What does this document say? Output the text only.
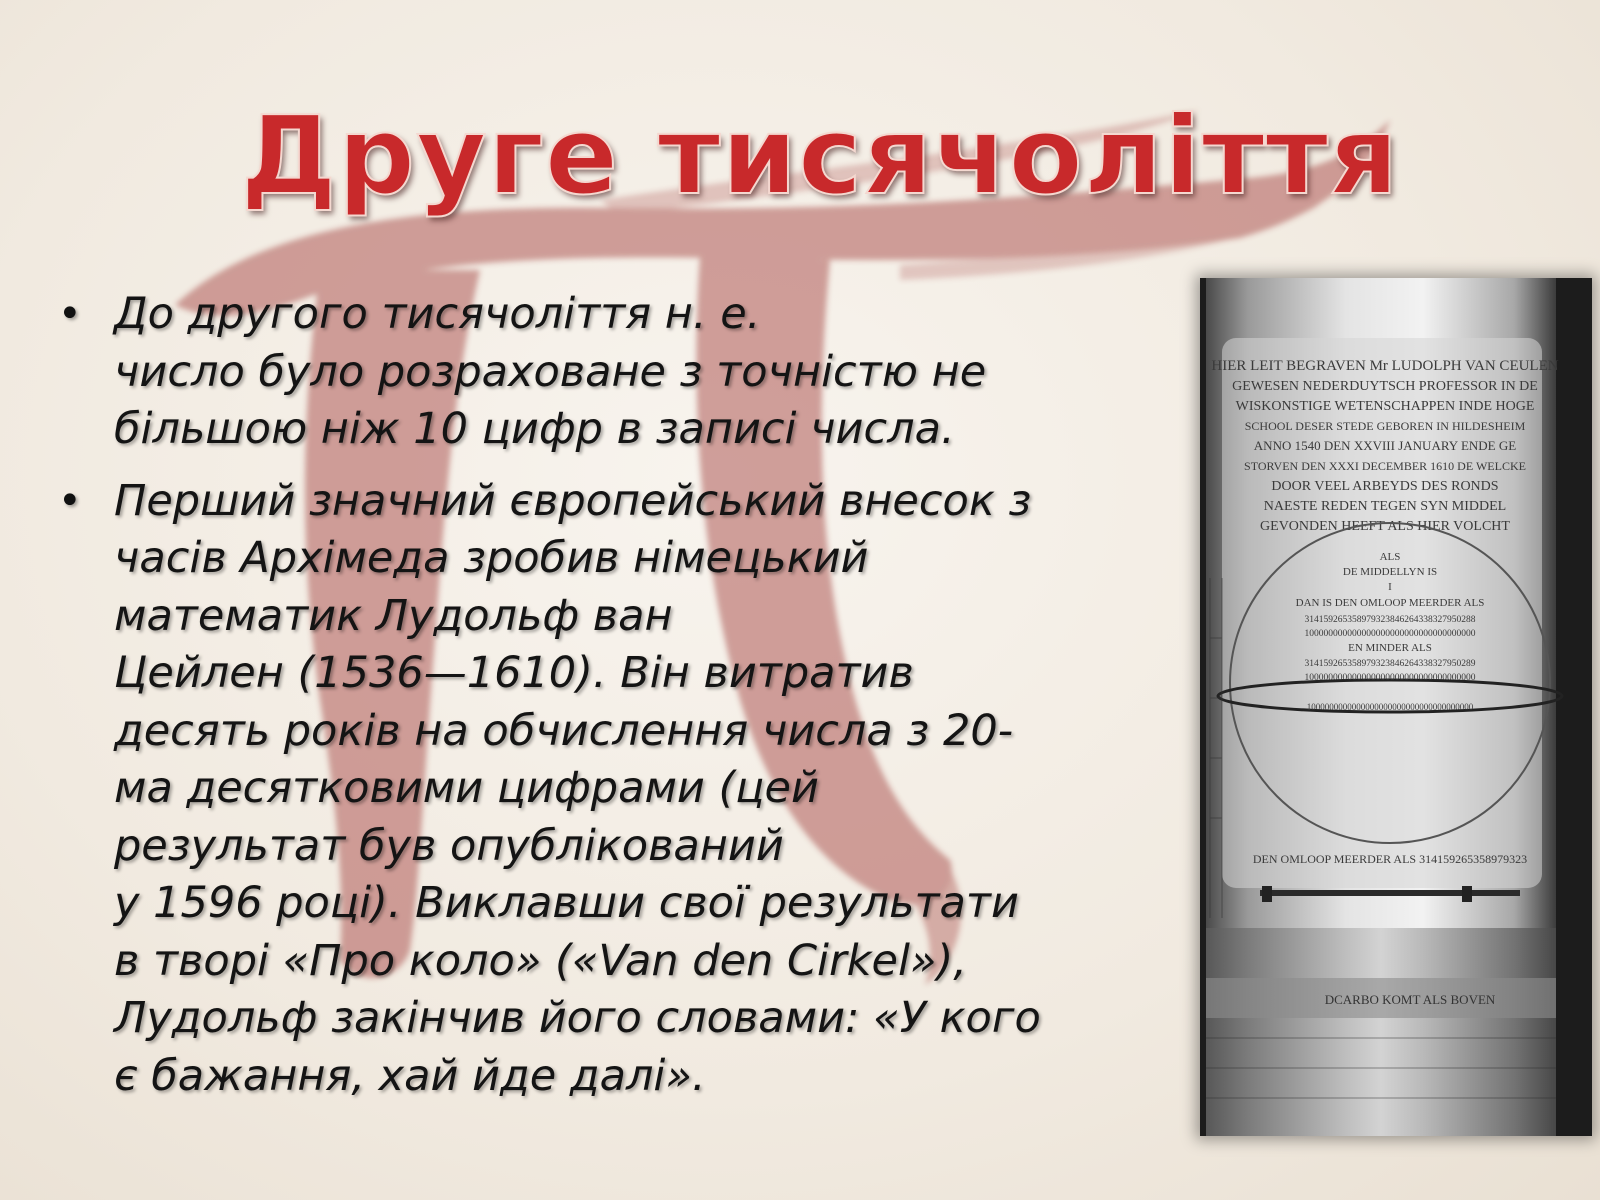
Друге тисячоліття
• До другого тисячоліття н. е.
число було розраховане з точністю не
більшою ніж 10 цифр в записі числа.
• Перший значний європейський внесок з
часів Архімеда зробив німецький
математик Лудольф ван
Цейлен (1536—1610). Він витратив
десять років на обчислення числа з 20-
ма десятковими цифрами (цей
результат був опублікований
у 1596 році). Виклавши свої результати
в творі «Про коло» («Van den Cirkel»),
Лудольф закінчив його словами: «У кого
є бажання, хай йде далі».
HIER LEIT BEGRAVEN Mr LUDOLPH VAN CEULEN
GEWESEN NEDERDUYTSCH PROFESSOR IN DE
WISKONSTIGE WETENSCHAPPEN INDE HOGE
SCHOOL DESER STEDE GEBOREN IN HILDESHEIM
ANNO 1540 DEN XXVIII JANUARY ENDE GE
STORVEN DEN XXXI DECEMBER 1610 DE WELCKE
DOOR VEEL ARBEYDS DES RONDS
NAESTE REDEN TEGEN SYN MIDDEL
GEVONDEN HEEFT ALS HIER VOLCHT
ALS
DE MIDDELLYN IS
I
DAN IS DEN OMLOOP MEERDER ALS
314159265358979323846264338327950288
100000000000000000000000000000000000
EN MINDER ALS
314159265358979323846264338327950289
100000000000000000000000000000000000
1000000000000000000000000000000000000
DEN OMLOOP MEERDER ALS 314159265358979323
DCARBO KOMT ALS BOVEN
